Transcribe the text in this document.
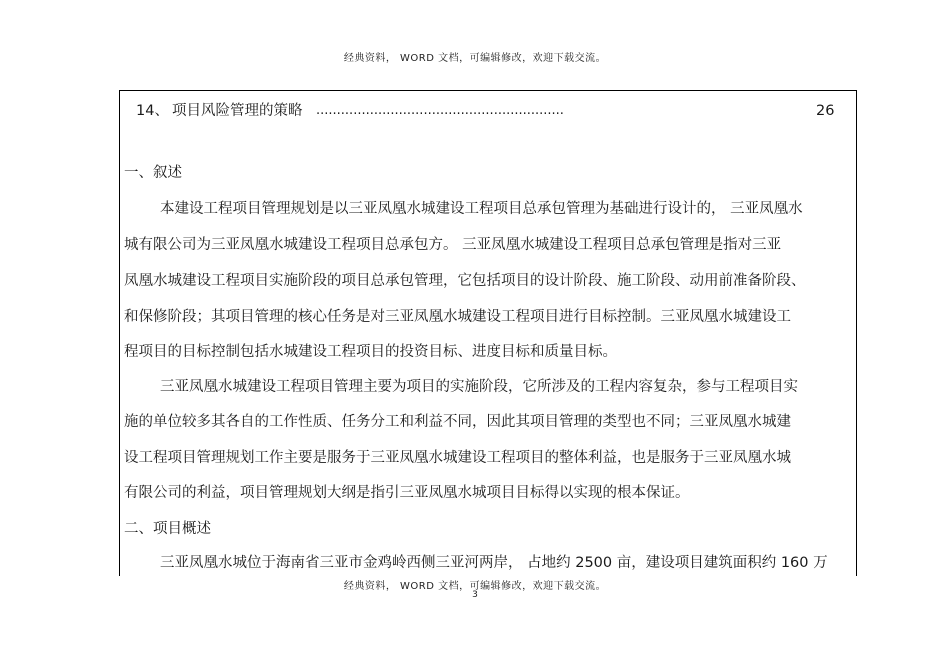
经典资料， WORD 文档，可编辑修改，欢迎下载交流。
14、 项目风险管理的策略 ............................................................	26
一、叙述
本建设工程项目管理规划是以三亚凤凰水城建设工程项目总承包管理为基础进行设计的， 三亚凤凰水
城有限公司为三亚凤凰水城建设工程项目总承包方。 三亚凤凰水城建设工程项目总承包管理是指对三亚
凤凰水城建设工程项目实施阶段的项目总承包管理，它包括项目的设计阶段、施工阶段、动用前准备阶段、
和保修阶段；其项目管理的核心任务是对三亚凤凰水城建设工程项目进行目标控制。三亚凤凰水城建设工
程项目的目标控制包括水城建设工程项目的投资目标、进度目标和质量目标。
三亚凤凰水城建设工程项目管理主要为项目的实施阶段，它所涉及的工程内容复杂，参与工程项目实
施的单位较多其各自的工作性质、任务分工和利益不同，因此其项目管理的类型也不同；三亚凤凰水城建
设工程项目管理规划工作主要是服务于三亚凤凰水城建设工程项目的整体利益，也是服务于三亚凤凰水城
有限公司的利益，项目管理规划大纲是指引三亚凤凰水城项目目标得以实现的根本保证。
二、项目概述
三亚凤凰水城位于海南省三亚市金鸡岭西侧三亚河两岸， 占地约 2500 亩，建设项目建筑面积约 160 万
经典资料， WORD 文档，可编辑修改，欢迎下载交流。
3
